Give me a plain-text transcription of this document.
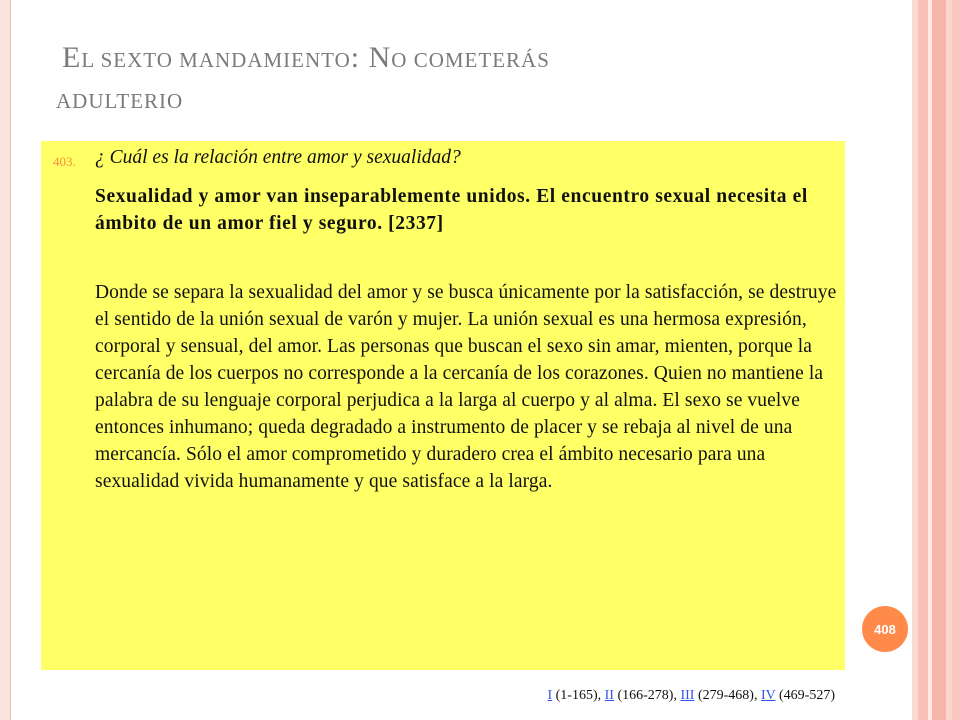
EL SEXTO MANDAMIENTO: NO COMETERÁS
ADULTERIO
403. ¿ Cuál es la relación entre amor y sexualidad?
Sexualidad y amor van inseparablemente unidos. El encuentro sexual necesita el ámbito de un amor fiel y seguro. [2337]
Donde se separa la sexualidad del amor y se busca únicamente por la satisfacción, se destruye el sentido de la unión sexual de varón y mujer. La unión sexual es una hermosa expresión, corporal y sensual, del amor. Las personas que buscan el sexo sin amar, mienten, porque la cercanía de los cuerpos no corresponde a la cercanía de los corazones. Quien no mantiene la palabra de su lenguaje corporal perjudica a la larga al cuerpo y al alma. El sexo se vuelve entonces inhumano; queda degradado a instrumento de placer y se rebaja al nivel de una mercancía. Sólo el amor comprometido y duradero crea el ámbito necesario para una sexualidad vivida humanamente y que satisface a la larga.
408
I (1-165), II (166-278), III (279-468), IV (469-527)
